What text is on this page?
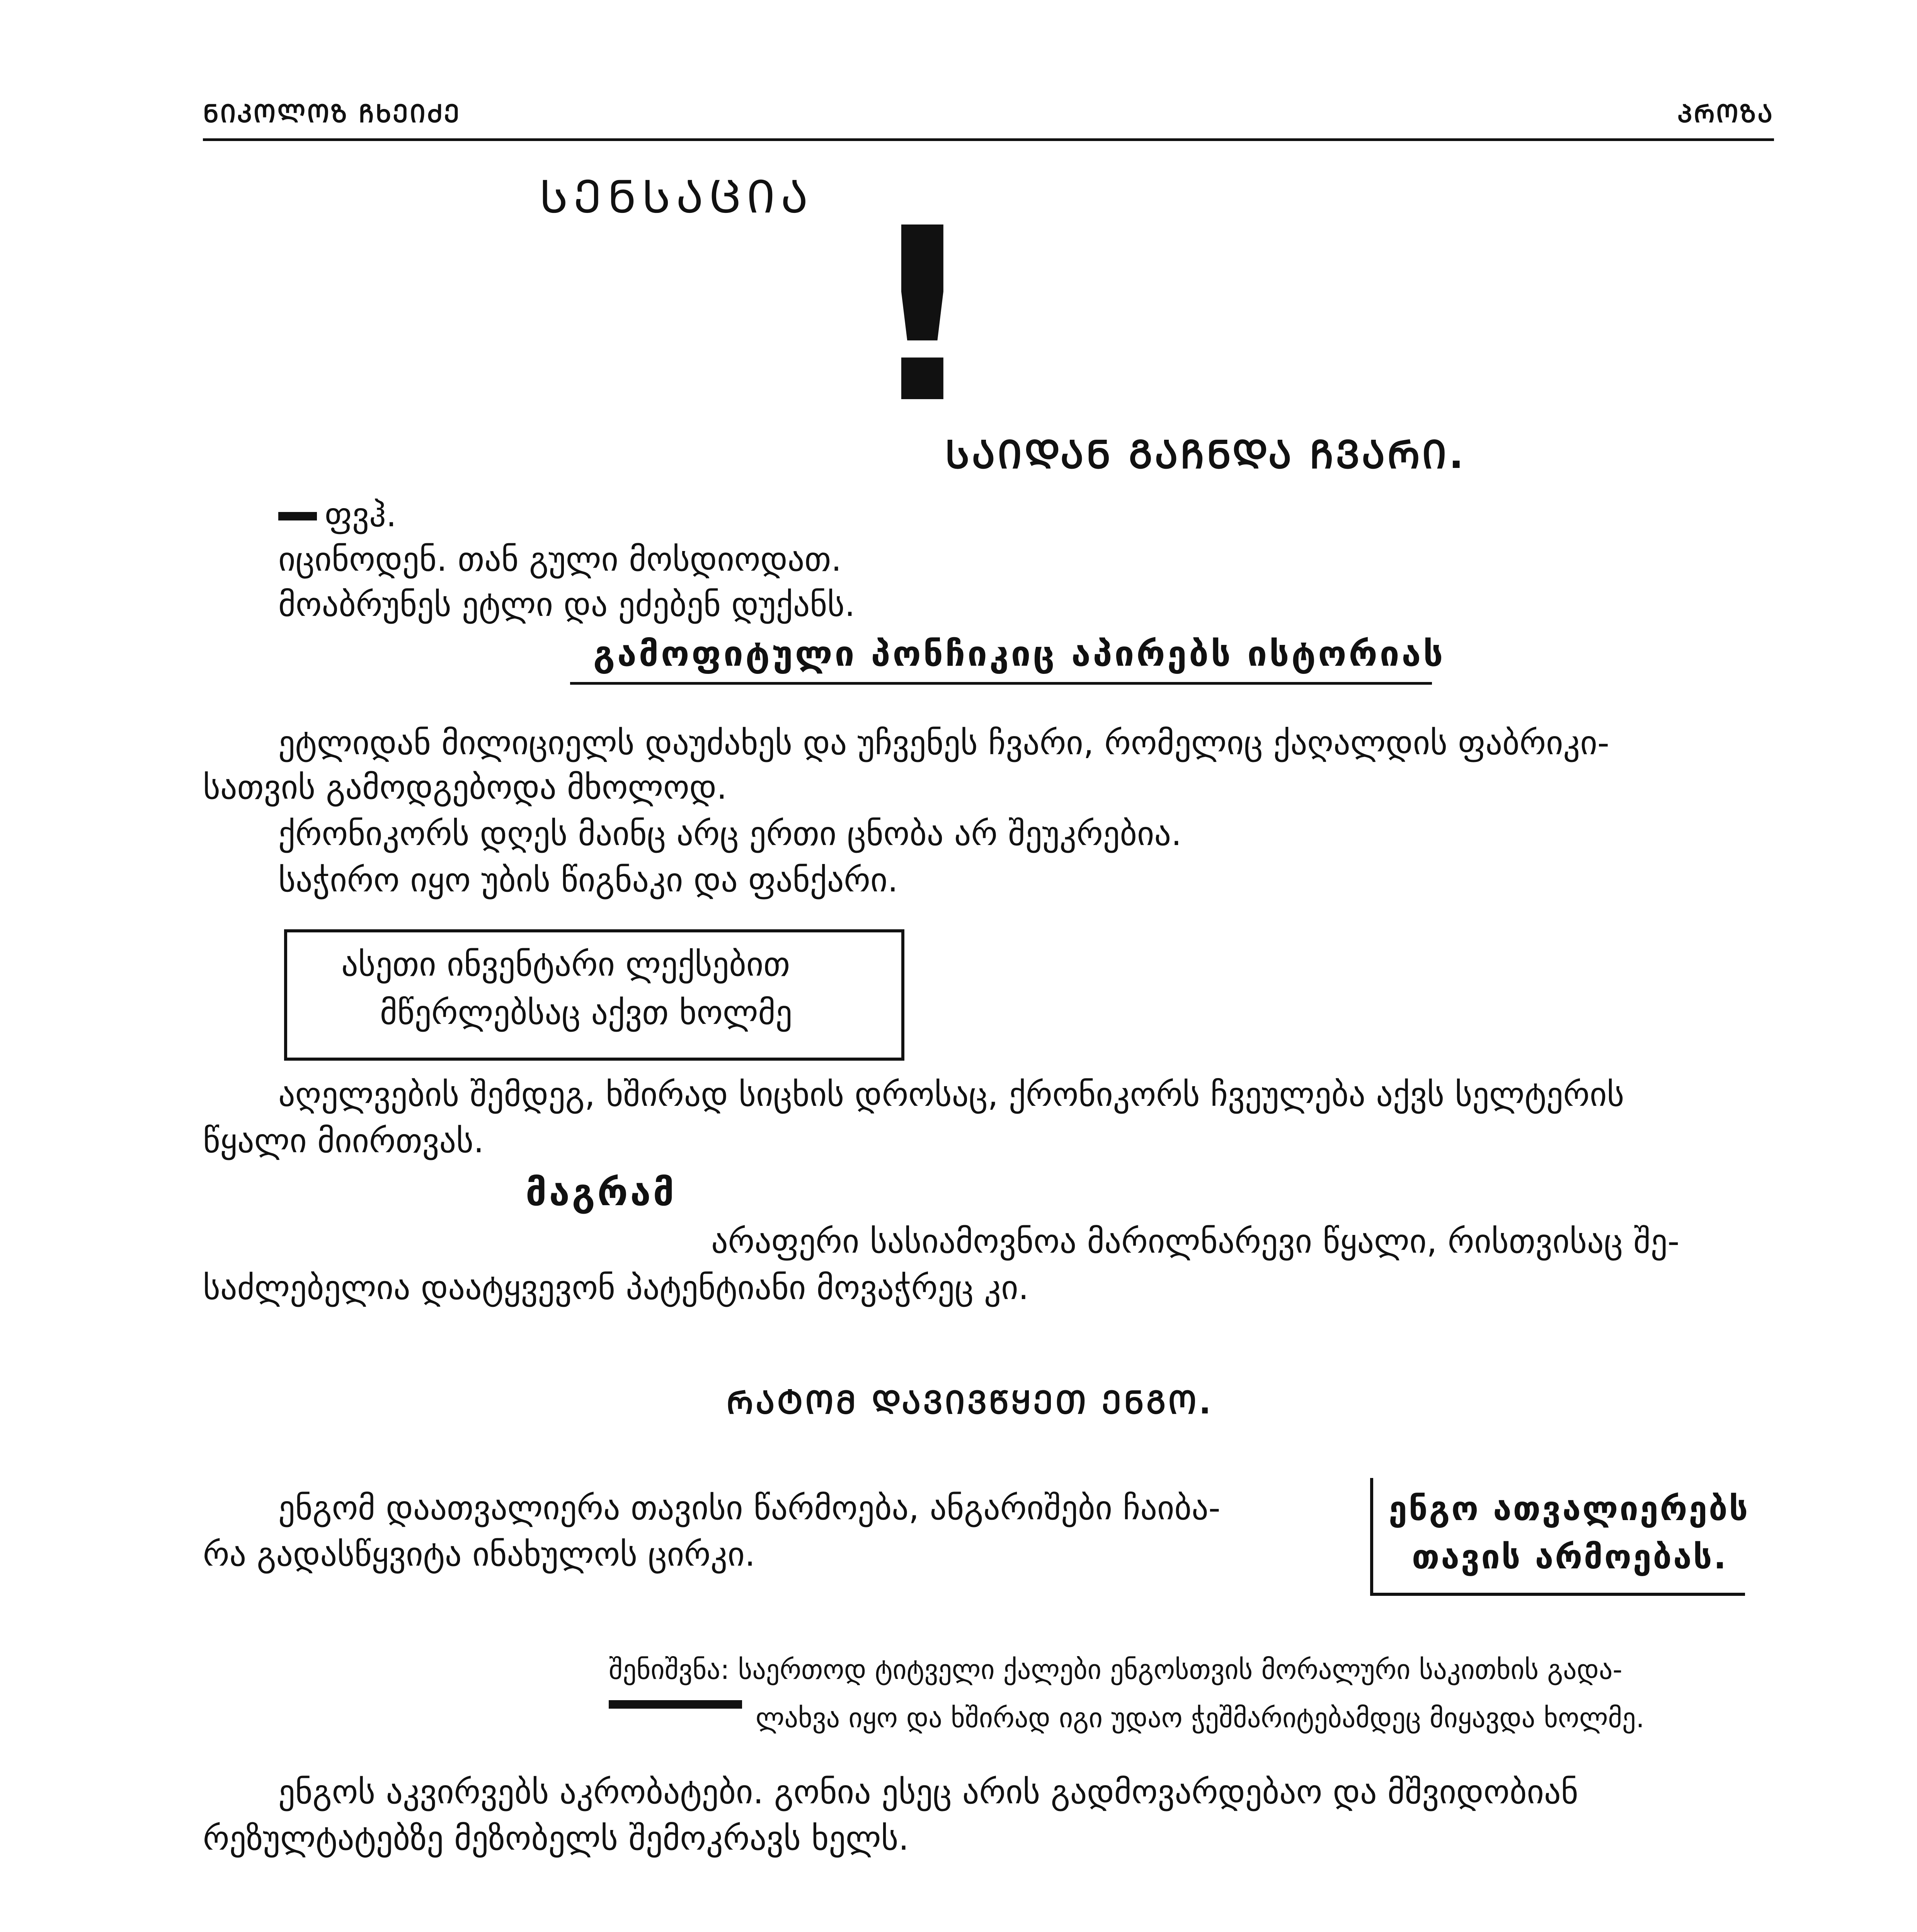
ᲜᲘᲙᲝᲚᲝᲖ ᲩᲮᲔᲘᲫᲔ	ᲞᲠᲝᲖᲐ
ᲡᲔᲜᲡᲐᲪᲘᲐ !
ᲡᲐᲘᲓᲐᲜ ᲒᲐᲩᲜᲓᲐ ᲩᲕᲐᲠᲘ.
ფვჰ.
იცინოდენ. თან გული მოსდიოდათ.
მოაბრუნეს ეტლი და ეძებენ დუქანს.
გამოფიტული პონჩიკიც აპირებს ისტორიას
ეტლიდან მილიციელს დაუძახეს და უჩვენეს ჩვარი, რომელიც ქაღალდის ფაბრიკი-
სათვის გამოდგებოდა მხოლოდ.
ქრონიკორს დღეს მაინც არც ერთი ცნობა არ შეუკრებია.
საჭირო იყო უბის წიგნაკი და ფანქარი.
ასეთი ინვენტარი ლექსებით
მწერლებსაც აქვთ ხოლმე
აღელვების შემდეგ, ხშირად სიცხის დროსაც, ქრონიკორს ჩვეულება აქვს სელტერის
წყალი მიირთვას.
მაგრამ
არაფერი სასიამოვნოა მარილნარევი წყალი, რისთვისაც შე-
საძლებელია დაატყვევონ პატენტიანი მოვაჭრეც კი.
ᲠᲐᲢᲝᲛ ᲓᲐᲕᲘᲕᲬᲧᲔᲗ ᲔᲜᲒᲝ.
ენგომ დაათვალიერა თავისი წარმოება, ანგარიშები ჩაიბა-
რა გადასწყვიტა ინახულოს ცირკი.
ენგო ათვალიერებს
თავის არმოებას.
შენიშვნა: საერთოდ ტიტველი ქალები ენგოსთვის მორალური საკითხის გადა-
ლახვა იყო და ხშირად იგი უდაო ჭეშმარიტებამდეც მიყავდა ხოლმე.
ენგოს აკვირვებს აკრობატები. გონია ესეც არის გადმოვარდებაო და მშვიდობიან
რეზულტატებზე მეზობელს შემოკრავს ხელს.
